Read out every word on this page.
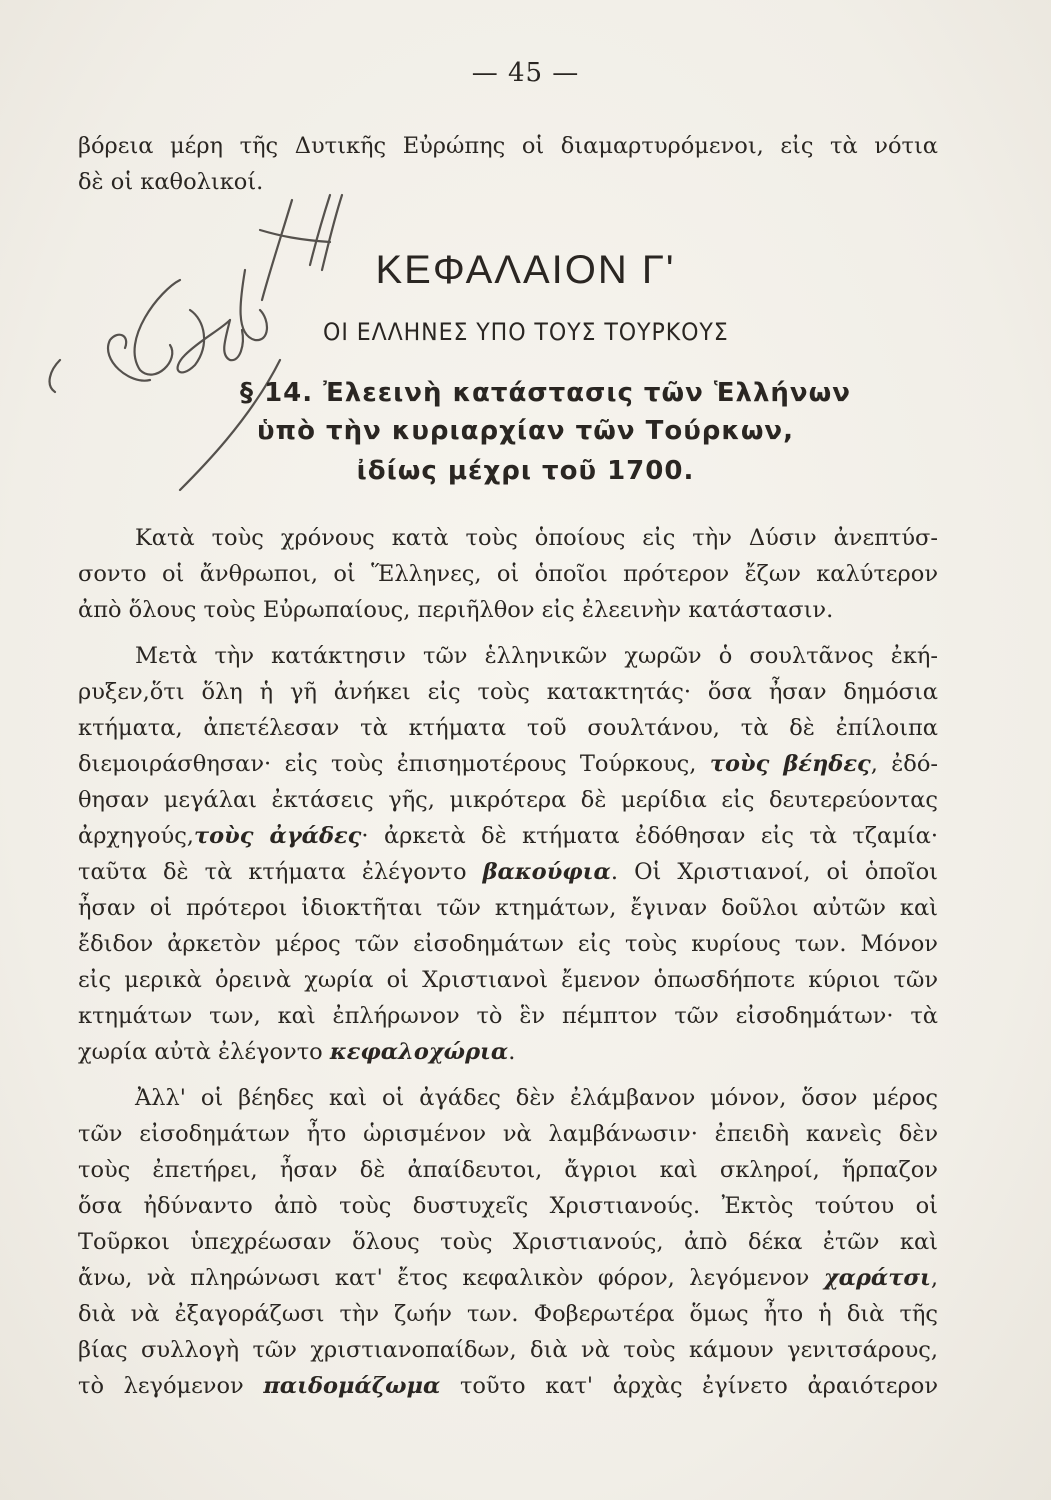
— 45 —
βόρεια μέρη τῆς Δυτικῆς Εὐρώπης οἱ διαμαρτυρόμενοι, εἰς τὰ νότια
δὲ οἱ καθολικοί.
Ελευθ
ΚΕΦΑΛΑΙΟΝ Γ'
ΟΙ ΕΛΛΗΝΕΣ ΥΠΟ ΤΟΥΣ ΤΟΥΡΚΟΥΣ
§ 14. Ἐλεεινὴ κατάστασις τῶν Ἑλλήνων
ὑπὸ τὴν κυριαρχίαν τῶν Τούρκων,
ἰδίως μέχρι τοῦ 1700.
Κατὰ τοὺς χρόνους κατὰ τοὺς ὁποίους εἰς τὴν Δύσιν ἀνεπτύσ-
σοντο οἱ ἄνθρωποι, οἱ Ἕλληνες, οἱ ὁποῖοι πρότερον ἔζων καλύτερον
ἀπὸ ὅλους τοὺς Εὐρωπαίους, περιῆλθον εἰς ἐλεεινὴν κατάστασιν.
Μετὰ τὴν κατάκτησιν τῶν ἑλληνικῶν χωρῶν ὁ σουλτᾶνος ἐκή-
ρυξεν,ὅτι ὅλη ἡ γῆ ἀνήκει εἰς τοὺς κατακτητάς· ὅσα ἦσαν δημόσια
κτήματα, ἀπετέλεσαν τὰ κτήματα τοῦ σουλτάνου, τὰ δὲ ἐπίλοιπα
διεμοιράσθησαν· εἰς τοὺς ἐπισημοτέρους Τούρκους, τοὺς βέηδες, ἐδό-
θησαν μεγάλαι ἐκτάσεις γῆς, μικρότερα δὲ μερίδια εἰς δευτερεύοντας
ἀρχηγούς,τοὺς ἀγάδες· ἀρκετὰ δὲ κτήματα ἐδόθησαν εἰς τὰ τζαμία·
ταῦτα δὲ τὰ κτήματα ἐλέγοντο βακούφια. Οἱ Χριστιανοί, οἱ ὁποῖοι
ἦσαν οἱ πρότεροι ἰδιοκτῆται τῶν κτημάτων, ἔγιναν δοῦλοι αὐτῶν καὶ
ἔδιδον ἀρκετὸν μέρος τῶν εἰσοδημάτων εἰς τοὺς κυρίους των. Μόνον
εἰς μερικὰ ὀρεινὰ χωρία οἱ Χριστιανοὶ ἔμενον ὁπωσδήποτε κύριοι τῶν
κτημάτων των, καὶ ἐπλήρωνον τὸ ἓν πέμπτον τῶν εἰσοδημάτων· τὰ
χωρία αὐτὰ ἐλέγοντο κεφαλοχώρια.
Ἀλλ' οἱ βέηδες καὶ οἱ ἀγάδες δὲν ἐλάμβανον μόνον, ὅσον μέρος
τῶν εἰσοδημάτων ἦτο ὡρισμένον νὰ λαμβάνωσιν· ἐπειδὴ κανεὶς δὲν
τοὺς ἐπετήρει, ἦσαν δὲ ἀπαίδευτοι, ἄγριοι καὶ σκληροί, ἥρπαζον
ὅσα ἠδύναντο ἀπὸ τοὺς δυστυχεῖς Χριστιανούς. Ἐκτὸς τούτου οἱ
Τοῦρκοι ὑπεχρέωσαν ὅλους τοὺς Χριστιανούς, ἀπὸ δέκα ἐτῶν καὶ
ἄνω, νὰ πληρώνωσι κατ' ἔτος κεφαλικὸν φόρον, λεγόμενον χαράτσι,
διὰ νὰ ἐξαγοράζωσι τὴν ζωήν των. Φοβερωτέρα ὅμως ἦτο ἡ διὰ τῆς
βίας συλλογὴ τῶν χριστιανοπαίδων, διὰ νὰ τοὺς κάμουν γενιτσάρους,
τὸ λεγόμενον παιδομάζωμα τοῦτο κατ' ἀρχὰς ἐγίνετο ἀραιότερον
